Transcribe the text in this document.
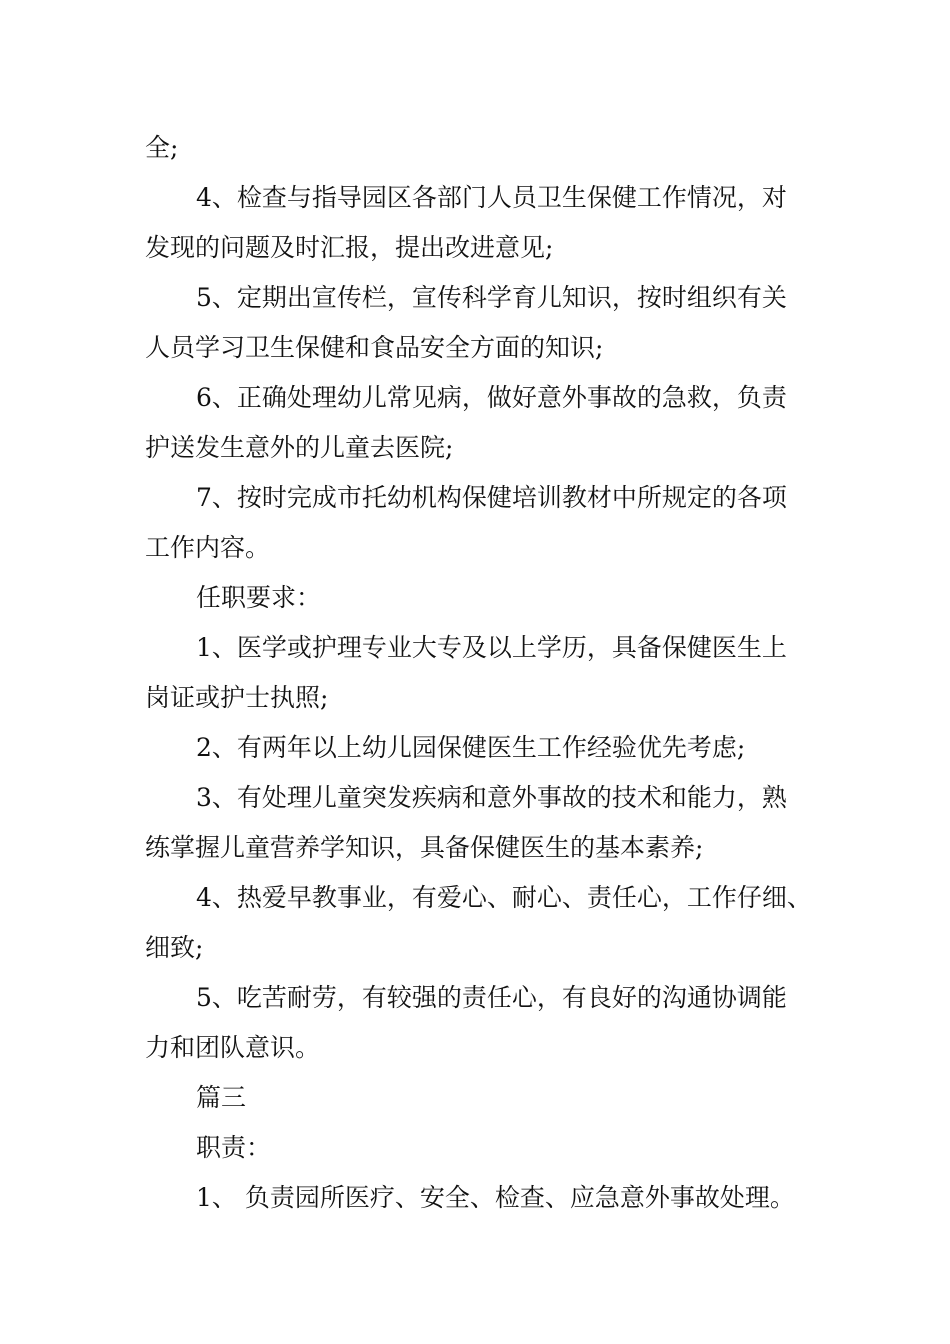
全;
4、检查与指导园区各部门人员卫生保健工作情况，对
发现的问题及时汇报，提出改进意见;
5、定期出宣传栏，宣传科学育儿知识，按时组织有关
人员学习卫生保健和食品安全方面的知识;
6、正确处理幼儿常见病，做好意外事故的急救，负责
护送发生意外的儿童去医院;
7、按时完成市托幼机构保健培训教材中所规定的各项
工作内容。
任职要求：
1、医学或护理专业大专及以上学历，具备保健医生上
岗证或护士执照;
2、有两年以上幼儿园保健医生工作经验优先考虑;
3、有处理儿童突发疾病和意外事故的技术和能力，熟
练掌握儿童营养学知识，具备保健医生的基本素养;
4、热爱早教事业，有爱心、耐心、责任心，工作仔细、
细致;
5、吃苦耐劳，有较强的责任心，有良好的沟通协调能
力和团队意识。
篇三
职责：
1、 负责园所医疗、安全、检查、应急意外事故处理。
